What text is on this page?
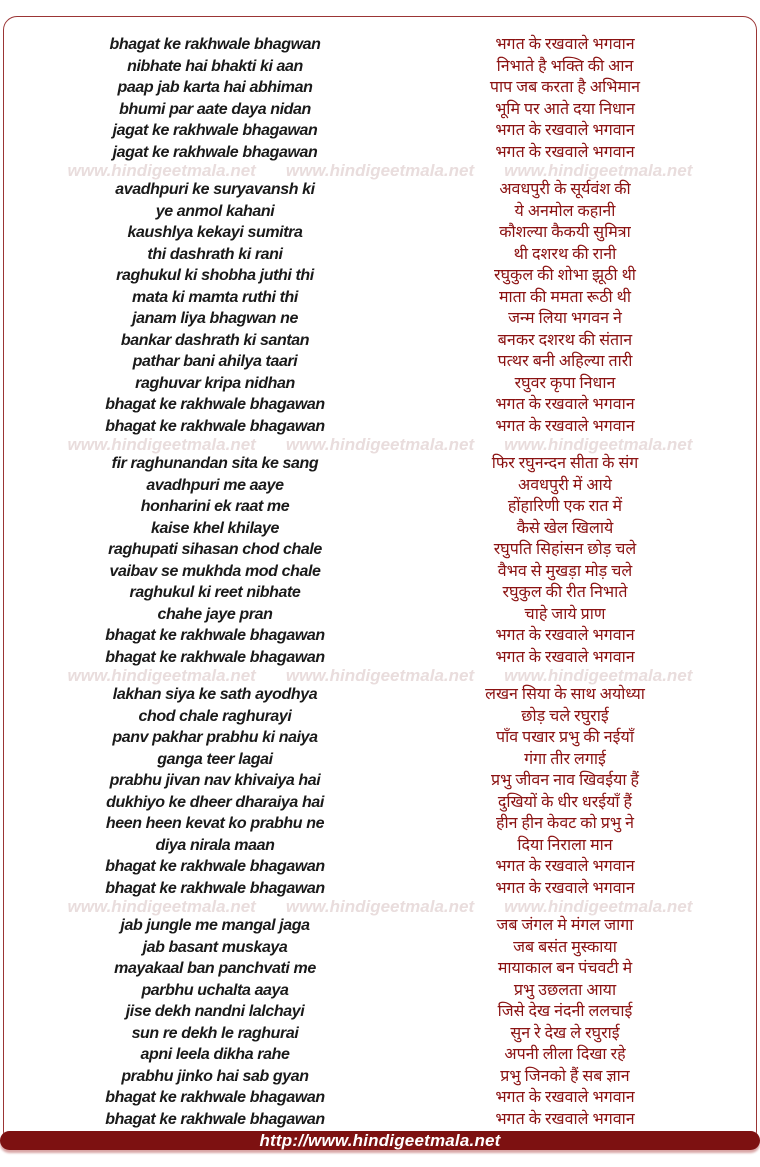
bhagat ke rakhwale bhagwan
nibhate hai bhakti ki aan
paap jab karta hai abhiman
bhumi par aate daya nidan
jagat ke rakhwale bhagawan
jagat ke rakhwale bhagawan
भगत के रखवाले भगवान
निभाते है भक्ति की आन
पाप जब करता है अभिमान
भूमि पर आते दया निधान
भगत के रखवाले भगवान
भगत के रखवाले भगवान
www.hindigeetmala.net www.hindigeetmala.net www.hindigeetmala.net
avadhpuri ke suryavansh ki
ye anmol kahani
kaushlya kekayi sumitra
thi dashrath ki rani
raghukul ki shobha juthi thi
mata ki mamta ruthi thi
janam liya bhagwan ne
bankar dashrath ki santan
pathar bani ahilya taari
raghuvar kripa nidhan
bhagat ke rakhwale bhagawan
bhagat ke rakhwale bhagawan
अवधपुरी के सूर्यवंश की
ये अनमोल कहानी
कौशल्या कैकयी सुमित्रा
थी दशरथ की रानी
रघुकुल की शोभा झूठी थी
माता की ममता रूठी थी
जन्म लिया भगवन ने
बनकर दशरथ की संतान
पत्थर बनी अहिल्या तारी
रघुवर कृपा निधान
भगत के रखवाले भगवान
भगत के रखवाले भगवान
www.hindigeetmala.net www.hindigeetmala.net www.hindigeetmala.net
fir raghunandan sita ke sang
avadhpuri me aaye
honharini ek raat me
kaise khel khilaye
raghupati sihasan chod chale
vaibav se mukhda mod chale
raghukul ki reet nibhate
chahe jaye pran
bhagat ke rakhwale bhagawan
bhagat ke rakhwale bhagawan
फिर रघुनन्दन सीता के संग
अवधपुरी में आये
होंहारिणी एक रात में
कैसे खेल खिलाये
रघुपति सिहांसन छोड़ चले
वैभव से मुखड़ा मोड़ चले
रघुकुल की रीत निभाते
चाहे जाये प्राण
भगत के रखवाले भगवान
भगत के रखवाले भगवान
www.hindigeetmala.net www.hindigeetmala.net www.hindigeetmala.net
lakhan siya ke sath ayodhya
chod chale raghurayi
panv pakhar prabhu ki naiya
ganga teer lagai
prabhu jivan nav khivaiya hai
dukhiyo ke dheer dharaiya hai
heen heen kevat ko prabhu ne
diya nirala maan
bhagat ke rakhwale bhagawan
bhagat ke rakhwale bhagawan
लखन सिया के साथ अयोध्या
छोड़ चले रघुराई
पाँव पखार प्रभु की नईयाँ
गंगा तीर लगाई
प्रभु जीवन नाव खिवईया हैं
दुखियों के धीर धरईयाँ हैं
हीन हीन केवट को प्रभु ने
दिया निराला मान
भगत के रखवाले भगवान
भगत के रखवाले भगवान
www.hindigeetmala.net www.hindigeetmala.net www.hindigeetmala.net
jab jungle me mangal jaga
jab basant muskaya
mayakaal ban panchvati me
parbhu uchalta aaya
jise dekh nandni lalchayi
sun re dekh le raghurai
apni leela dikha rahe
prabhu jinko hai sab gyan
bhagat ke rakhwale bhagawan
bhagat ke rakhwale bhagawan
जब जंगल मे मंगल जागा
जब बसंत मुस्काया
मायाकाल बन पंचवटी मे
प्रभु उछलता आया
जिसे देख नंदनी ललचाई
सुन रे देख ले रघुराई
अपनी लीला दिखा रहे
प्रभु जिनको हैं सब ज्ञान
भगत के रखवाले भगवान
भगत के रखवाले भगवान
http://www.hindigeetmala.net
